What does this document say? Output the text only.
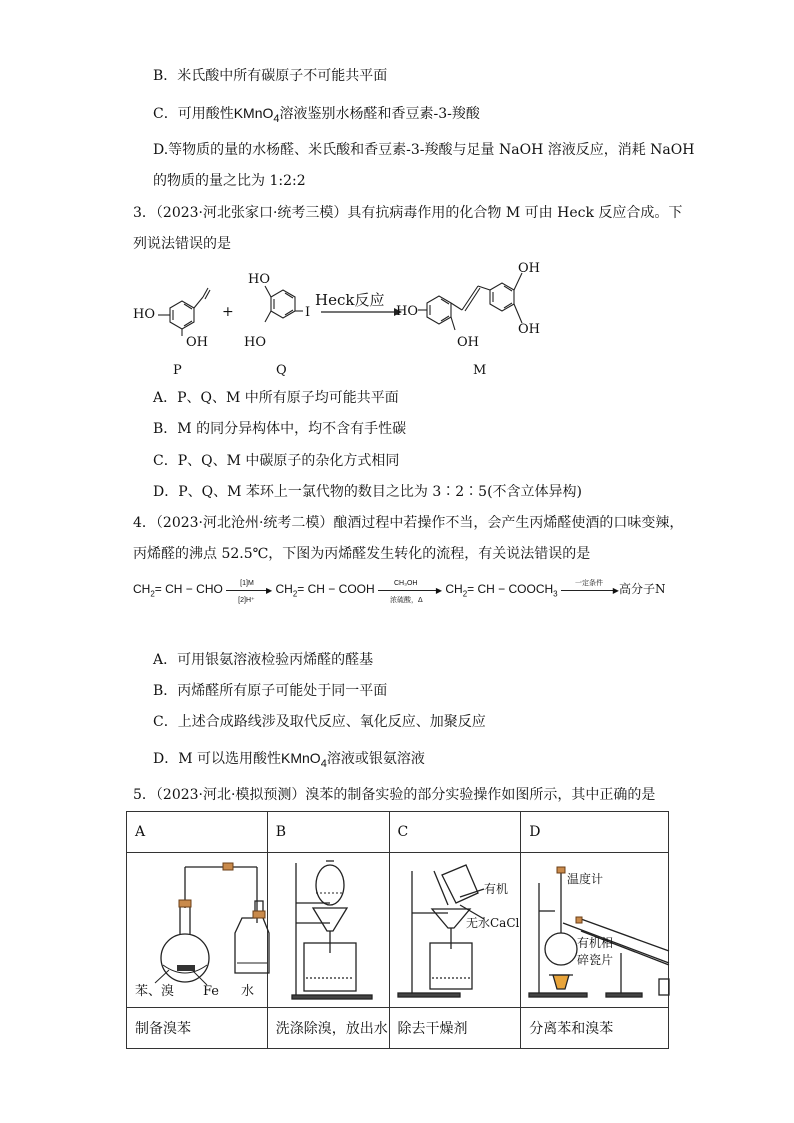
B．米氏酸中所有碳原子不可能共平面
C．可用酸性KMnO$_4$溶液鉴别水杨醛和香豆素-3-羧酸
D.等物质的量的水杨醛、米氏酸和香豆素-3-羧酸与足量 NaOH 溶液反应，消耗 NaOH
的物质的量之比为 1:2:2
3．（2023·河北张家口·统考三模）具有抗病毒作用的化合物 M 可由 Heck 反应合成。下
列说法错误的是
HO
OH
P
+
HO
HO
I
Q
Heck反应
HO
OH
OH
OH
M
A．P、Q、M 中所有原子均可能共平面
B．M 的同分异构体中，均不含有手性碳
C．P、Q、M 中碳原子的杂化方式相同
D．P、Q、M 苯环上一氯代物的数目之比为 3∶2∶5(不含立体异构)
4．（2023·河北沧州·统考二模）酿酒过程中若操作不当，会产生丙烯醛使酒的口味变辣，
丙烯醛的沸点 52.5℃，下图为丙烯醛发生转化的流程，有关说法错误的是
$CH_2=$ CH − CHO [1]M
▶
[2]H⁺
$CH_2=$ CH − COOH	CH₃OH
▶
浓硫酸，Δ
$CH_2=$ CH − $COOCH_3$
一定条件
▶ 高分子N
A．可用银氨溶液检验丙烯醛的醛基
B．丙烯醛所有原子可能处于同一平面
C．上述合成路线涉及取代反应、氧化反应、加聚反应
D．M 可以选用酸性KMnO$_4$溶液或银氨溶液
5．（2023·河北·模拟预测）溴苯的制备实验的部分实验操作如图所示，其中正确的是
A	B	C	D

苯、溴 Fe 水		有机
无水CaCl	温度计
有机相
碎瓷片

制备溴苯	洗涤除溴，放出水	除去干燥剂	分离苯和溴苯
